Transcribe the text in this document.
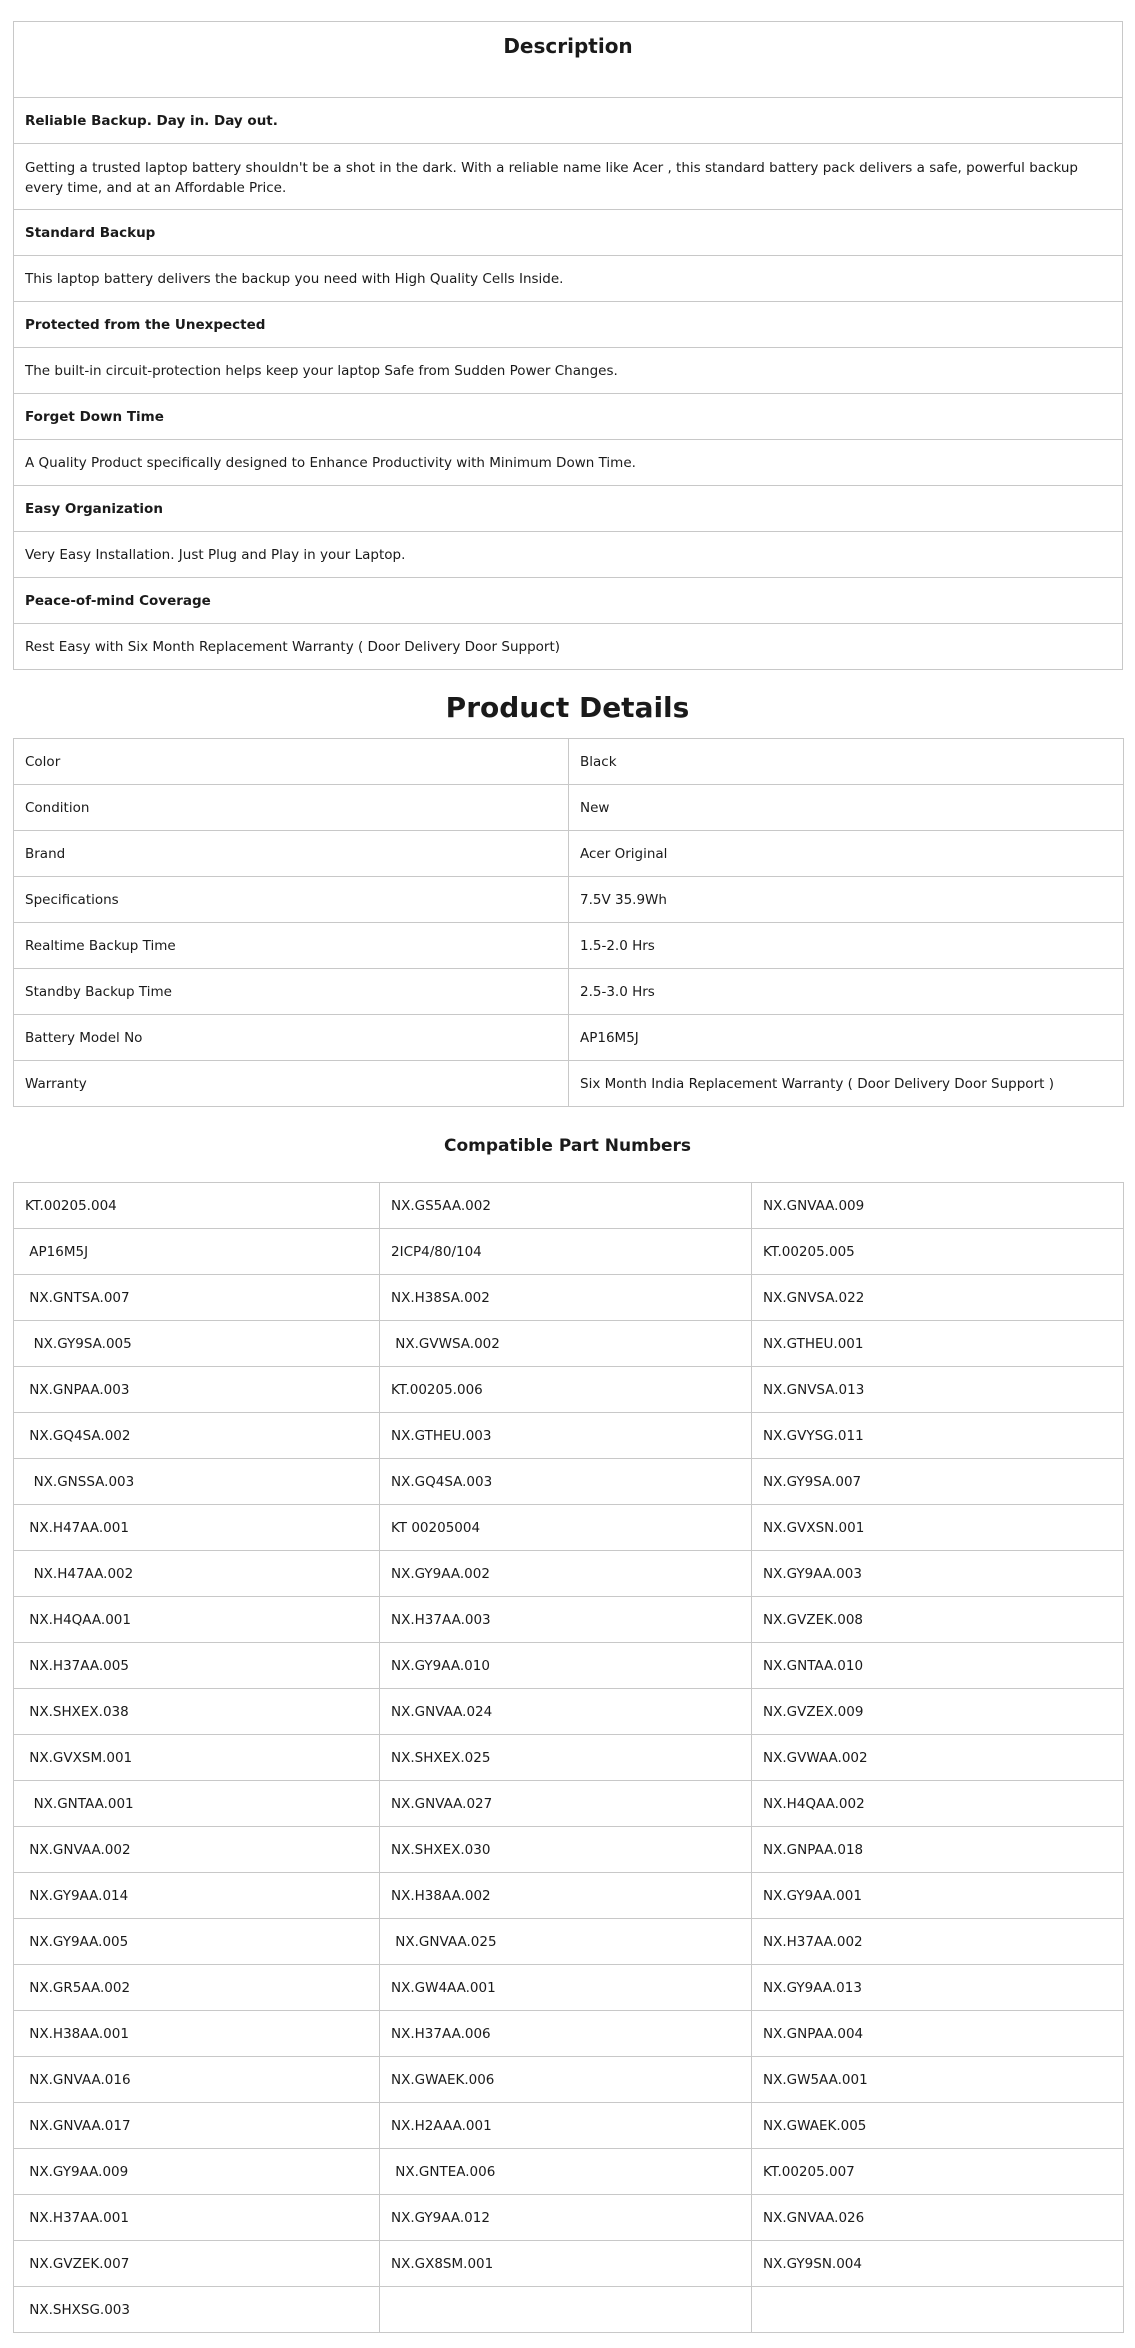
Description
Reliable Backup. Day in. Day out.
Getting a trusted laptop battery shouldn't be a shot in the dark. With a reliable name like Acer , this standard battery pack delivers a safe, powerful backup every time, and at an Affordable Price.
Standard Backup
This laptop battery delivers the backup you need with High Quality Cells Inside.
Protected from the Unexpected
The built-in circuit-protection helps keep your laptop Safe from Sudden Power Changes.
Forget Down Time
A Quality Product specifically designed to Enhance Productivity with Minimum Down Time.
Easy Organization
Very Easy Installation. Just Plug and Play in your Laptop.
Peace-of-mind Coverage
Rest Easy with Six Month Replacement Warranty ( Door Delivery Door Support)
Product Details
Color	Black
Condition	New
Brand	Acer Original
Specifications	7.5V 35.9Wh
Realtime Backup Time	1.5-2.0 Hrs
Standby Backup Time	2.5-3.0 Hrs
Battery Model No	AP16M5J
Warranty	Six Month India Replacement Warranty ( Door Delivery Door Support )
Compatible Part Numbers
KT.00205.004	NX.GS5AA.002	NX.GNVAA.009
AP16M5J	2ICP4/80/104	KT.00205.005
NX.GNTSA.007	NX.H38SA.002	NX.GNVSA.022
NX.GY9SA.005	NX.GVWSA.002	NX.GTHEU.001
NX.GNPAA.003	KT.00205.006	NX.GNVSA.013
NX.GQ4SA.002	NX.GTHEU.003	NX.GVYSG.011
NX.GNSSA.003	NX.GQ4SA.003	NX.GY9SA.007
NX.H47AA.001	KT 00205004	NX.GVXSN.001
NX.H47AA.002	NX.GY9AA.002	NX.GY9AA.003
NX.H4QAA.001	NX.H37AA.003	NX.GVZEK.008
NX.H37AA.005	NX.GY9AA.010	NX.GNTAA.010
NX.SHXEX.038	NX.GNVAA.024	NX.GVZEX.009
NX.GVXSM.001	NX.SHXEX.025	NX.GVWAA.002
NX.GNTAA.001	NX.GNVAA.027	NX.H4QAA.002
NX.GNVAA.002	NX.SHXEX.030	NX.GNPAA.018
NX.GY9AA.014	NX.H38AA.002	NX.GY9AA.001
NX.GY9AA.005	NX.GNVAA.025	NX.H37AA.002
NX.GR5AA.002	NX.GW4AA.001	NX.GY9AA.013
NX.H38AA.001	NX.H37AA.006	NX.GNPAA.004
NX.GNVAA.016	NX.GWAEK.006	NX.GW5AA.001
NX.GNVAA.017	NX.H2AAA.001	NX.GWAEK.005
NX.GY9AA.009	NX.GNTEA.006	KT.00205.007
NX.H37AA.001	NX.GY9AA.012	NX.GNVAA.026
NX.GVZEK.007	NX.GX8SM.001	NX.GY9SN.004
NX.SHXSG.003		
